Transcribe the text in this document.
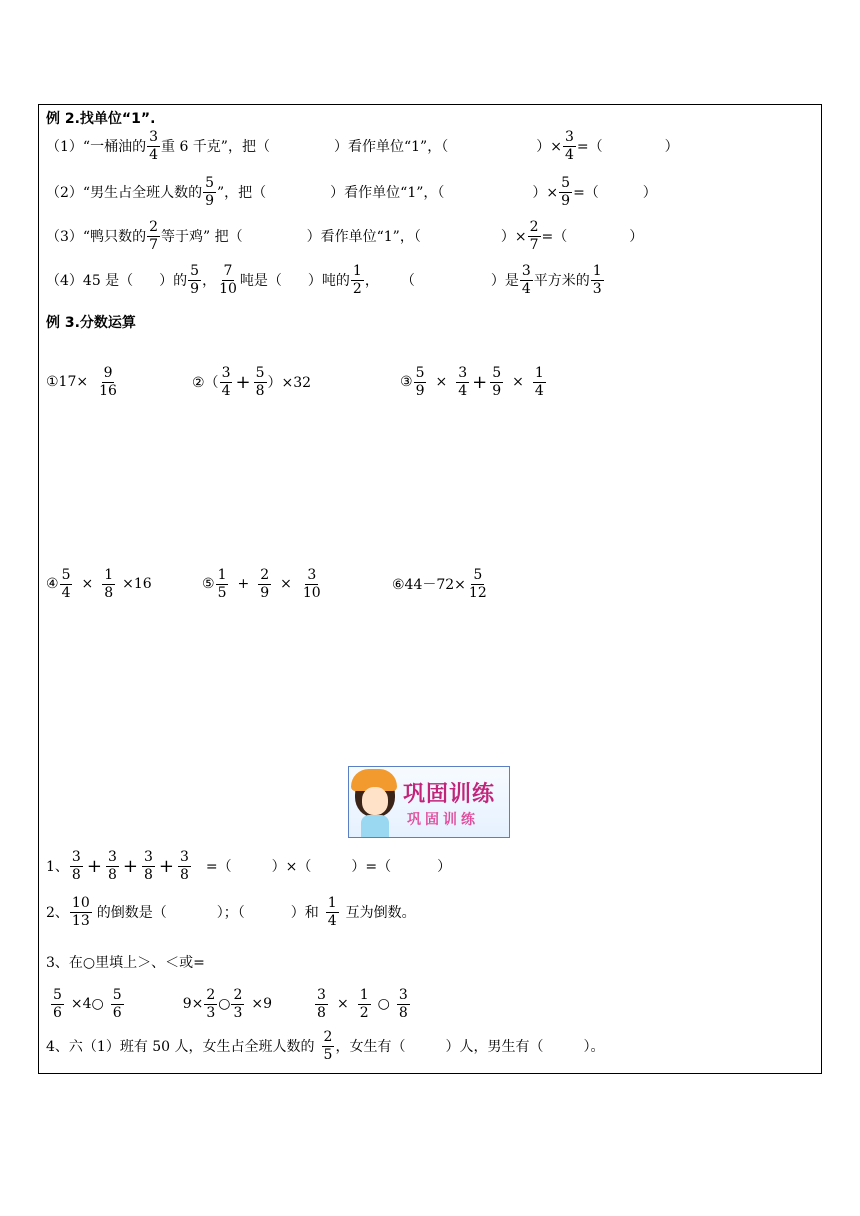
例 2.找单位“1”.
（1）“一桶油的 $\frac{3}{4}$ 重 6 千克”，把（	）看作单位“1”，（	）× $\frac{3}{4}$ =（	）
（2）“男生占全班人数的 $\frac{5}{9}$ ”，把（	）看作单位“1”，（	）× $\frac{5}{9}$ =（	）
（3）“鸭只数的 $\frac{2}{7}$ 等于鸡” 把（	）看作单位“1”，（	）× $\frac{2}{7}$ =（	）
（4）45 是（ ）的 $\frac{5}{9}$ ， $\frac{7}{10}$ 吨是（ ）吨的 $\frac{1}{2}$ ， （	）是 $\frac{3}{4}$ 平方米的 $\frac{1}{3}$
例 3.分数运算
①17× $\frac{9}{16}$	②（ $\frac{3}{4} + \frac{5}{8} )\times 32$	③ $\frac{5}{9} \times \frac{3}{4} + \frac{5}{9} \times \frac{1}{4}$
④ $\frac{5}{4} \times \frac{1}{8} \times 16$	⑤ $\frac{1}{5} + \frac{2}{9} \times \frac{3}{10}$	⑥44－72× $\frac{5}{12}$
巩固训练
巩固训练
1、 $\frac{3}{8} + \frac{3}{8} + \frac{3}{8} + \frac{3}{8}$ =（	）×（	）=（	）
2、 $\frac{10}{13}$ 的倒数是（	）；（	）和 $\frac{1}{4}$ 互为倒数。
3、在○里填上＞、＜或=
$\frac{5}{6}$ ×4○ $\frac{5}{6}$	$9\times \frac{2}{3}$ ○ $\frac{2}{3} \times 9$	$\frac{3}{8} \times \frac{1}{2}$ ○ $\frac{3}{8}$
4、六（1）班有 50 人，女生占全班人数的 $\frac{2}{5}$ ，女生有（	）人，男生有（	）。
